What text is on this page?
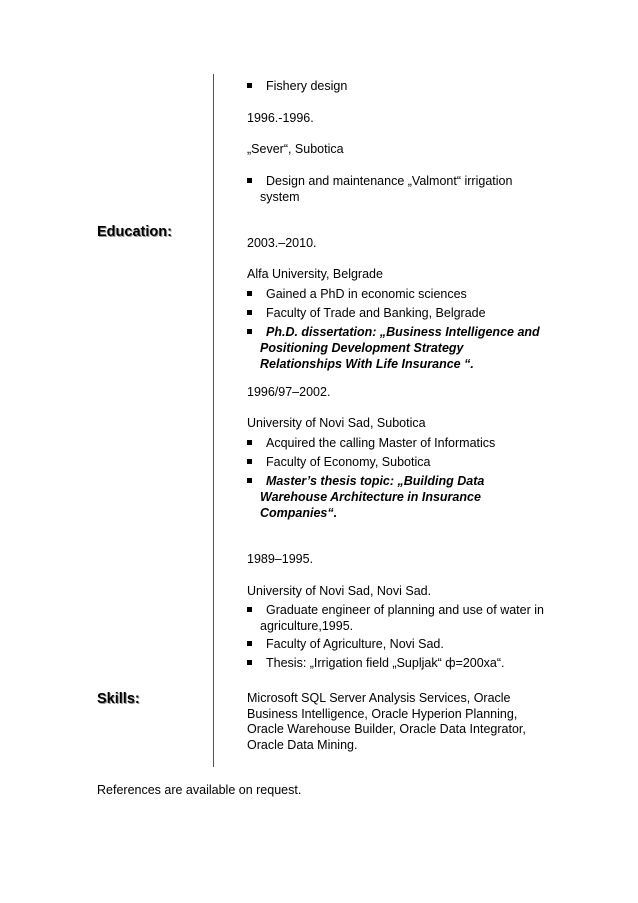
Fishery design
1996.-1996.
„Sever“, Subotica
Design and maintenance „Valmont“ irrigation system
Education:
2003.–2010.
Alfa University, Belgrade
Gained a PhD in economic sciences
Faculty of Trade and Banking, Belgrade
Ph.D. dissertation: „Business Intelligence and Positioning Development Strategy Relationships With Life Insurance “.
1996/97–2002.
University of Novi Sad, Subotica
Acquired the calling Master of Informatics
Faculty of Economy, Subotica
Master’s thesis topic: „Building Data Warehouse Architecture in Insurance Companies“.
1989–1995.
University of Novi Sad, Novi Sad.
Graduate engineer of planning and use of water in agriculture,1995.
Faculty of Agriculture, Novi Sad.
Thesis: „Irrigation field „Supljak“ ф=200xa“.
Skills:	Microsoft SQL Server Analysis Services, Oracle Business Intelligence, Oracle Hyperion Planning, Oracle Warehouse Builder, Oracle Data Integrator, Oracle Data Mining.
References are available on request.
